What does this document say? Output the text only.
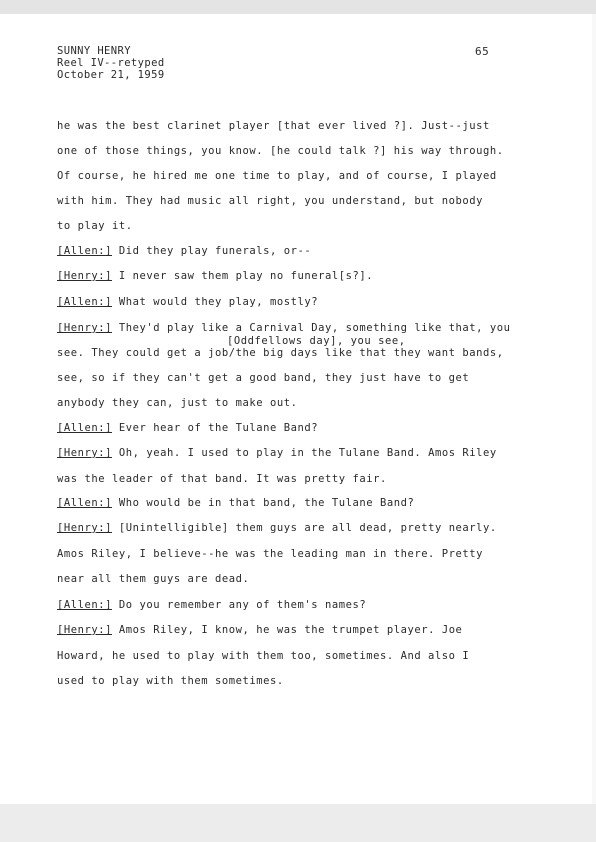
SUNNY HENRY
Reel IV--retyped
October 21, 1959
65
he was the best clarinet player [that ever lived ?]. Just--just
one of those things, you know. [he could talk ?] his way through.
Of course, he hired me one time to play, and of course, I played
with him. They had music all right, you understand, but nobody
to play it.
[Allen:] Did they play funerals, or--
[Henry:] I never saw them play no funeral[s?].
[Allen:] What would they play, mostly?
[Henry:] They'd play like a Carnival Day, something like that, you
[Oddfellows day], you see,
see. They could get a job/the big days like that they want bands,
see, so if they can't get a good band, they just have to get
anybody they can, just to make out.
[Allen:] Ever hear of the Tulane Band?
[Henry:] Oh, yeah. I used to play in the Tulane Band. Amos Riley
was the leader of that band. It was pretty fair.
[Allen:] Who would be in that band, the Tulane Band?
[Henry:] [Unintelligible] them guys are all dead, pretty nearly.
Amos Riley, I believe--he was the leading man in there. Pretty
near all them guys are dead.
[Allen:] Do you remember any of them's names?
[Henry:] Amos Riley, I know, he was the trumpet player. Joe
Howard, he used to play with them too, sometimes. And also I
used to play with them sometimes.
